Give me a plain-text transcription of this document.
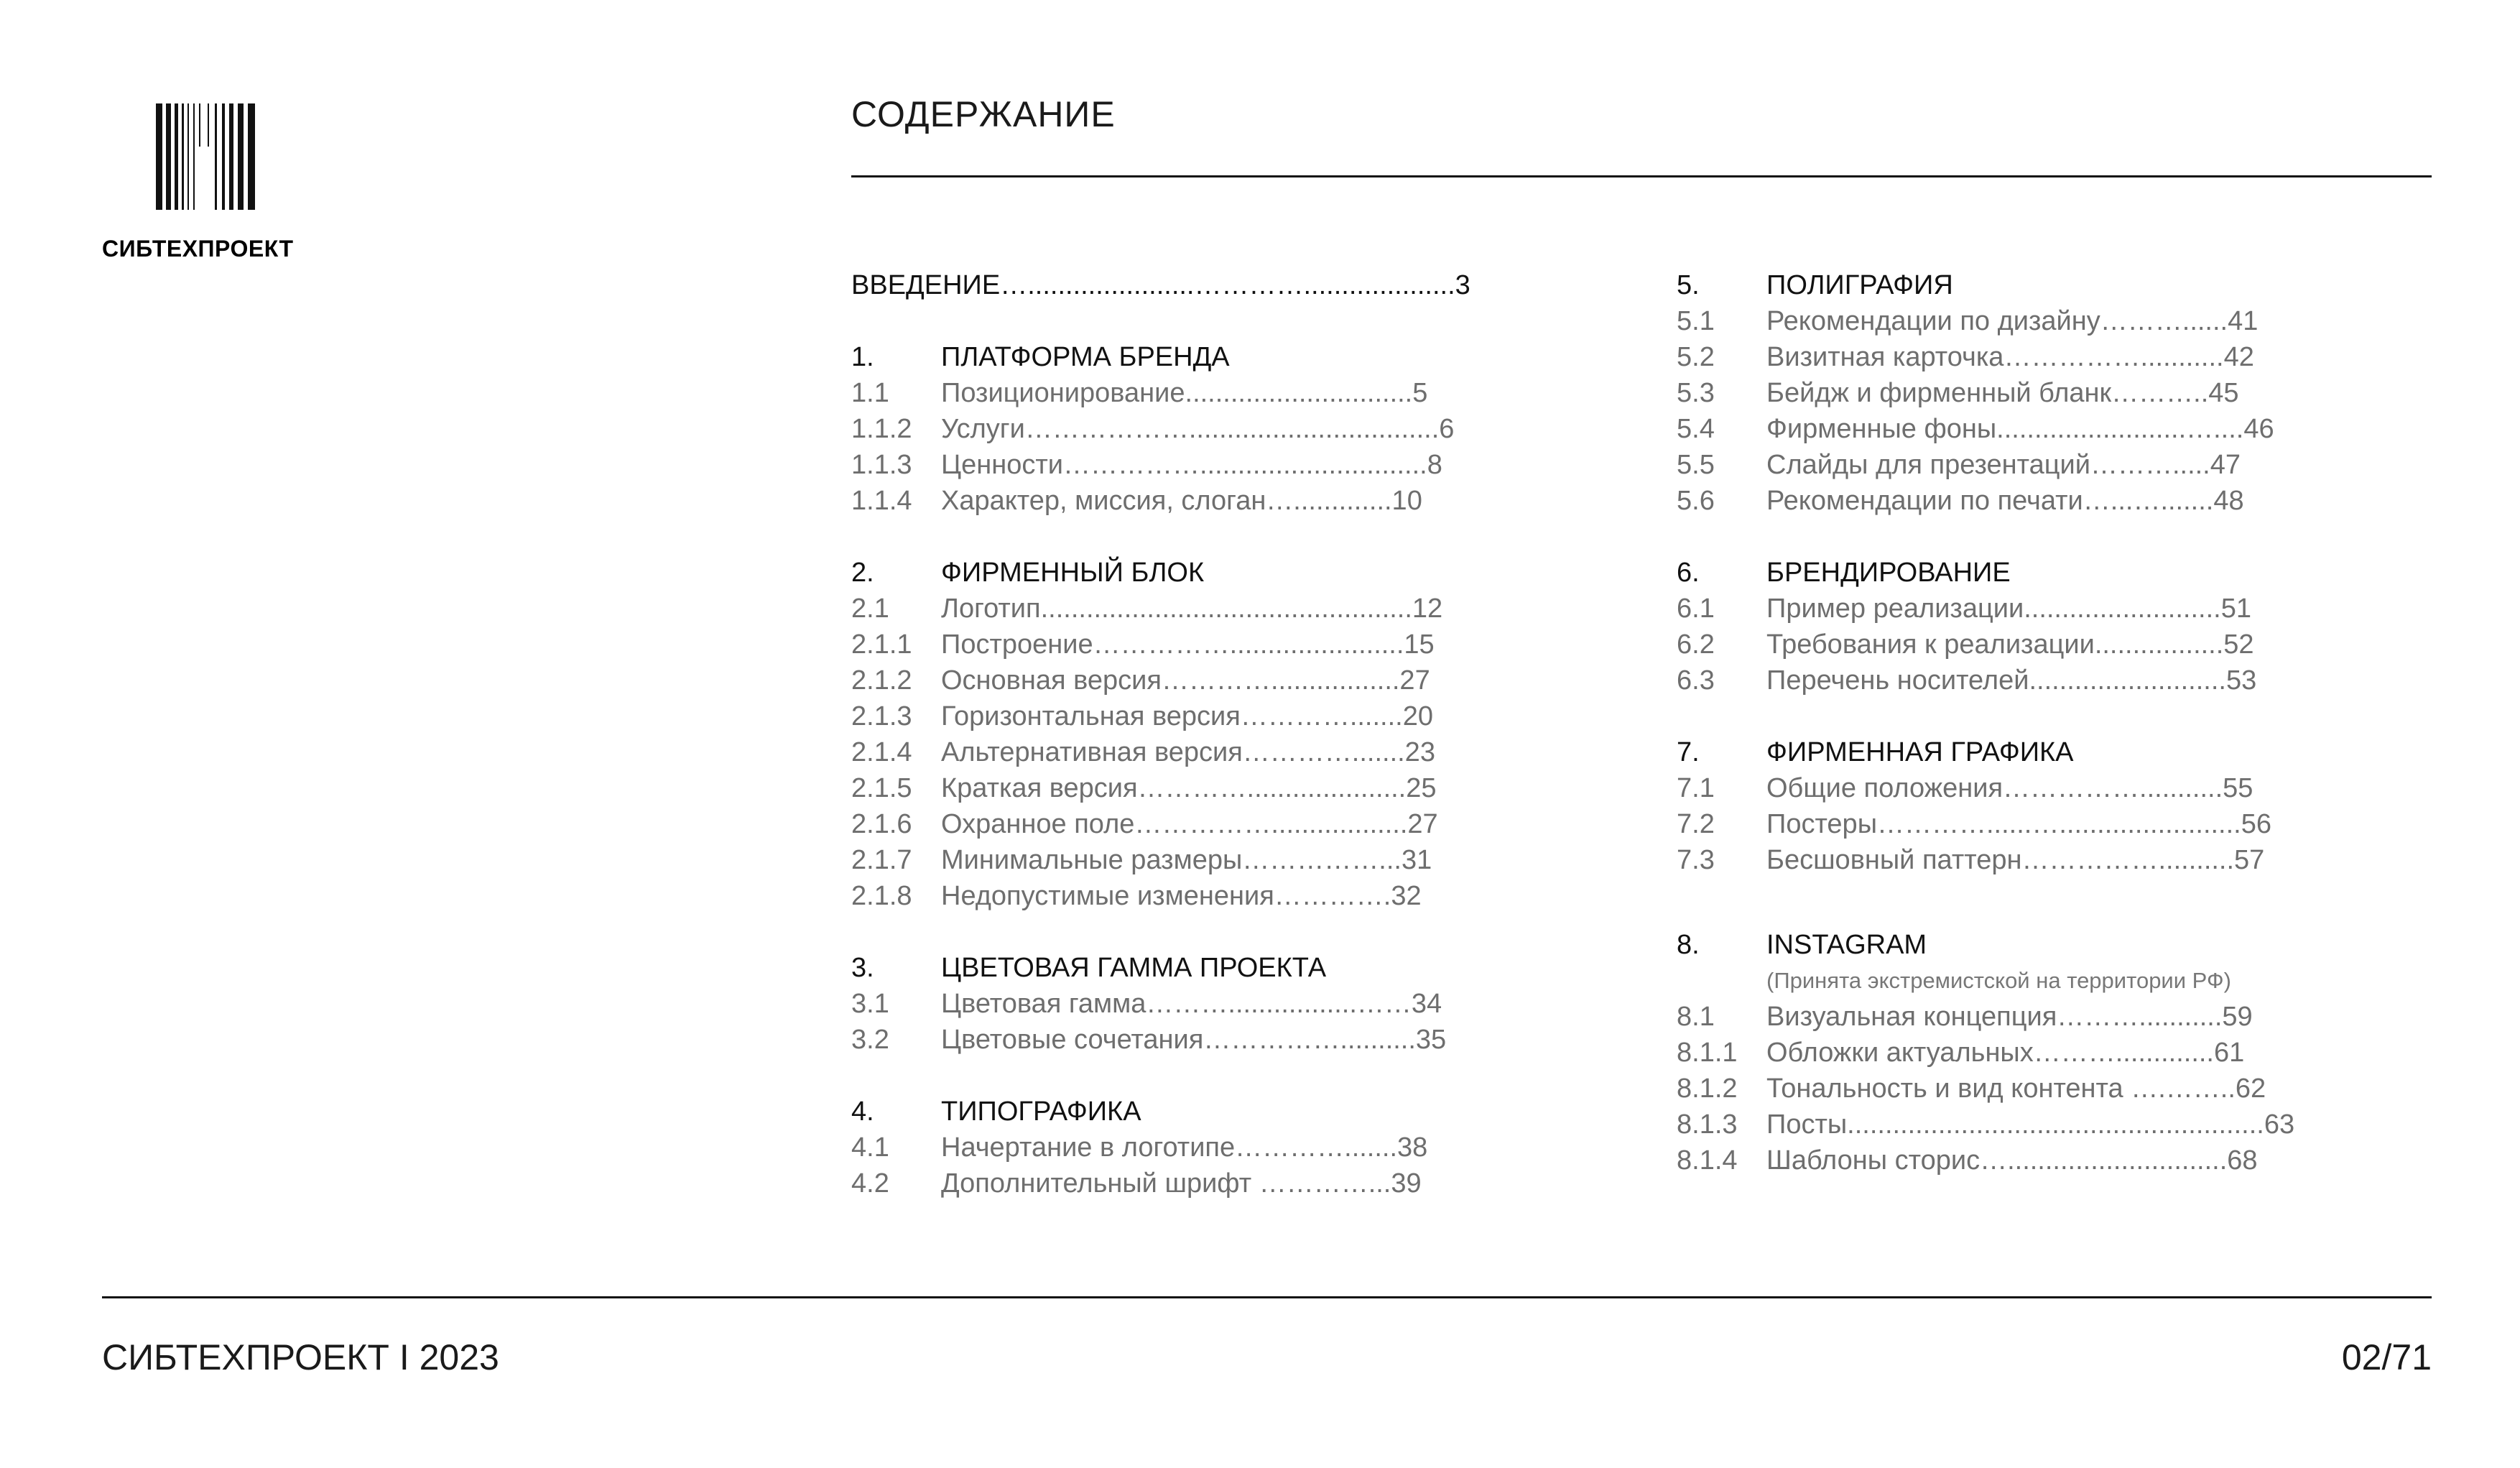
СИБТЕХПРОЕКТ
СОДЕРЖАНИЕ
ВВЕДЕНИЕ…......................…………....................3
1. ПЛАТФОРМА БРЕНДА
1.1 Позиционирование..............................5
1.1.2 Услуги……………….................................6
1.1.3 Ценности……………..............................8
1.1.4 Характер, миссия, слоган….............10
2. ФИРМЕННЫЙ БЛОК
2.1 Логотип.................................................12
2.1.1 Построение…………….......................15
2.1.2 Основная версия………….................27
2.1.3 Горизонтальная версия………….......20
2.1.4 Альтернативная версия………….......23
2.1.5 Краткая версия………….....................25
2.1.6 Охранное поле……………..................27
2.1.7 Минимальные размеры……………...31
2.1.8 Недопустимые изменения………….32
3. ЦВЕТОВАЯ ГАММА ПРОЕКТА
3.1 Цветовая гамма……….................……34
3.2 Цветовые сочетания……………..........35
4. ТИПОГРАФИКА
4.1 Начертание в логотипе………….......38
4.2 Дополнительный шрифт …………...39
5. ПОЛИГРАФИЯ
5.1 Рекомендации по дизайну………......41
5.2 Визитная карточка……………...........42
5.3 Бейдж и фирменный бланк………..45
5.4 Фирменные фоны.........................…....46
5.5 Слайды для презентаций……….....47
5.6 Рекомендации по печати…...….......48
6. БРЕНДИРОВАНИЕ
6.1 Пример реализации..........................51
6.2 Требования к реализации.................52
6.3 Перечень носителей..........................53
7. ФИРМЕННАЯ ГРАФИКА
7.1 Общие положения……………...........55
7.2 Постеры…………......…........................56
7.3 Бесшовный паттерн……………..........57
8. INSTAGRAM
(Принята экстремистской на территории РФ)
8.1 Визуальная концепция………...........59
8.1.1 Обложки актуальных……….............61
8.1.2 Тональность и вид контента ….……..62
8.1.3 Посты.......................................................63
8.1.4 Шаблоны сторис….............................68
СИБТЕХПРОЕКТ I 2023	02/71
